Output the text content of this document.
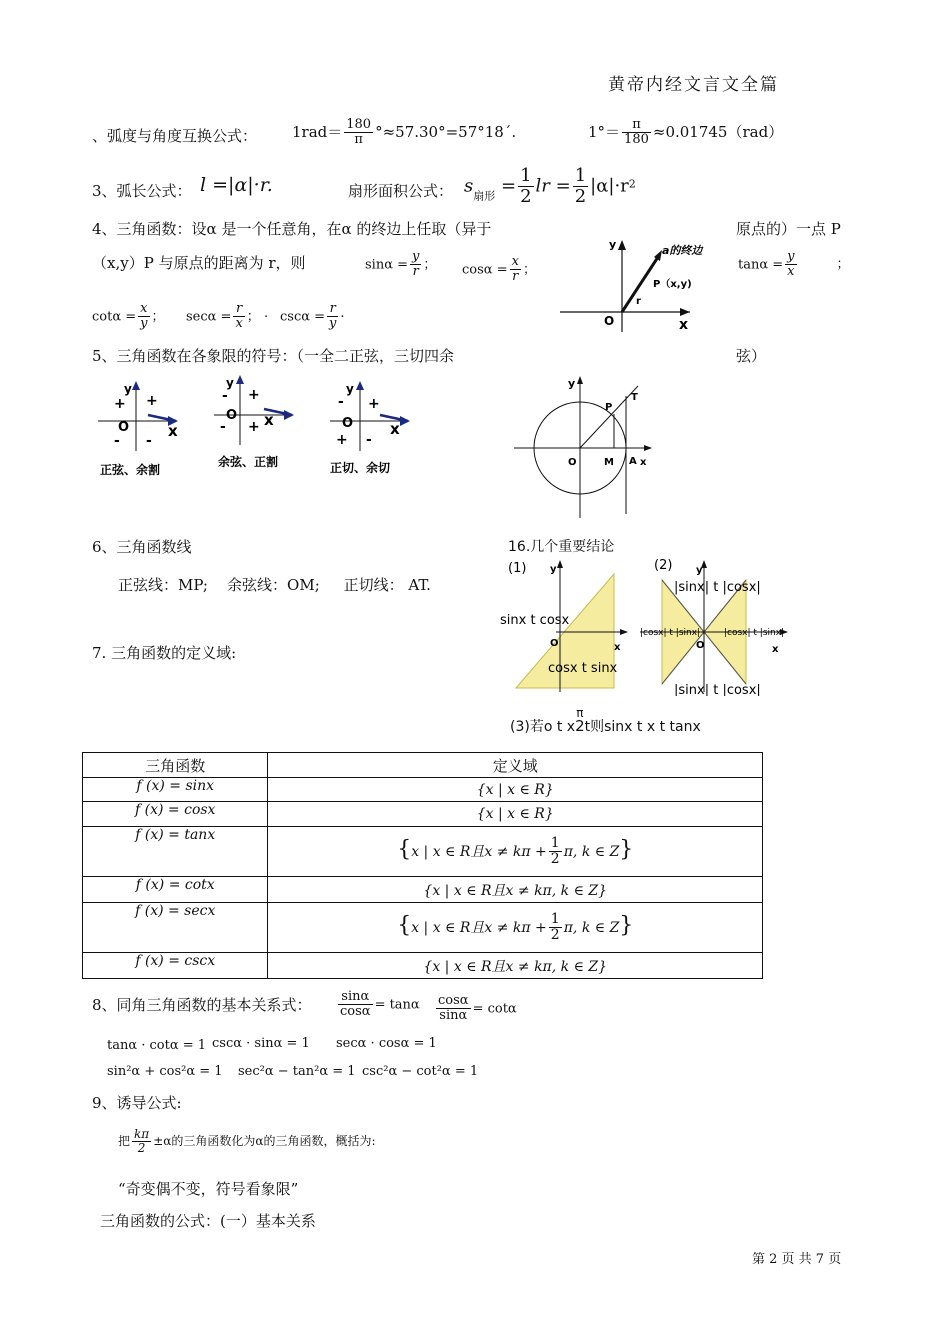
黄帝内经文言文全篇
、弧度与角度互换公式： $1rad= \frac{180}{\pi}$ °≈57.30°=57°18´.	$1^\circ= \frac{\pi}{180} \approx 0.01745(rad)$
3、弧长公式： l =|α|·r.	扇形面积公式： $s_{扇形} = \frac{1}{2}$ lr = $\frac{1}{2} |\alpha|\cdot r^2$
4、三角函数：设α 是一个任意角，在α 的终边上任取（异于	原点的）一点 P
（x,y）P 与原点的距离为 r，则	$\sin\alpha = \frac{y}{r}$ ； $\cos\alpha = \frac{x}{r}$ ；	$\tan\alpha = \frac{y}{x}$	；
$\cot\alpha = \frac{x}{y}$ ； $\sec\alpha = \frac{r}{x}$ ； · $\csc\alpha = \frac{r}{y}$ ·
y	a的终边
P（x,y)
r
O	x
5、三角函数在各象限的符号：（一全二正弦，三切四余	弦）
y
+ +
O	x
- -
正弦、余割
y
- +
O x
- +
余弦、正割
y
- +
O x
+ -
正切、余切
y
T
P
O	M A x
6、三角函数线
正弦线：MP;    余弦线：OM;     正切线： AT.
16.几个重要结论
(1) y
O	x
sinx t cosx
cosx t sinx
(2) y
O	x
|sinx| t |cosx|
|sinx| t |cosx|
|cosx| t |sinx|	|cosx| t |sinx|
(3)若o t x
π
2 t则sinx t x t tanx
7. 三角函数的定义域:
三角函数	定义域
f (x) = sinx	{x | x ∈ R}
f (x) = cosx	{x | x ∈ R}
f (x) = tanx	{x | x ∈ R且$x \ne k\pi + \frac{1}{2} \pi$, k ∈ Z}
f (x) = cotx	{x | x ∈ R且x ≠ kπ, k ∈ Z}
f (x) = secx	{x | x ∈ R且$x \ne k\pi + \frac{1}{2} \pi$, k ∈ Z}
f (x) = cscx	{x | x ∈ R且x ≠ kπ, k ∈ Z}
8、同角三角函数的基本关系式： $\frac{\sin\alpha}{\cos\alpha} = \tan\alpha \frac{\cos\alpha}{\sin\alpha} = \cot\alpha$
tanα · cotα = 1 cscα · sinα = 1 secα · cosα = 1
sin²α + cos²α = 1 sec²α − tan²α = 1 csc²α − cot²α = 1
9、诱导公式:
把 $\frac{k\pi}{2} \pm\alpha$的三角函数化为α的三角函数，概括为:
“奇变偶不变，符号看象限”
三角函数的公式：(一）基本关系
第 2 页 共 7 页
